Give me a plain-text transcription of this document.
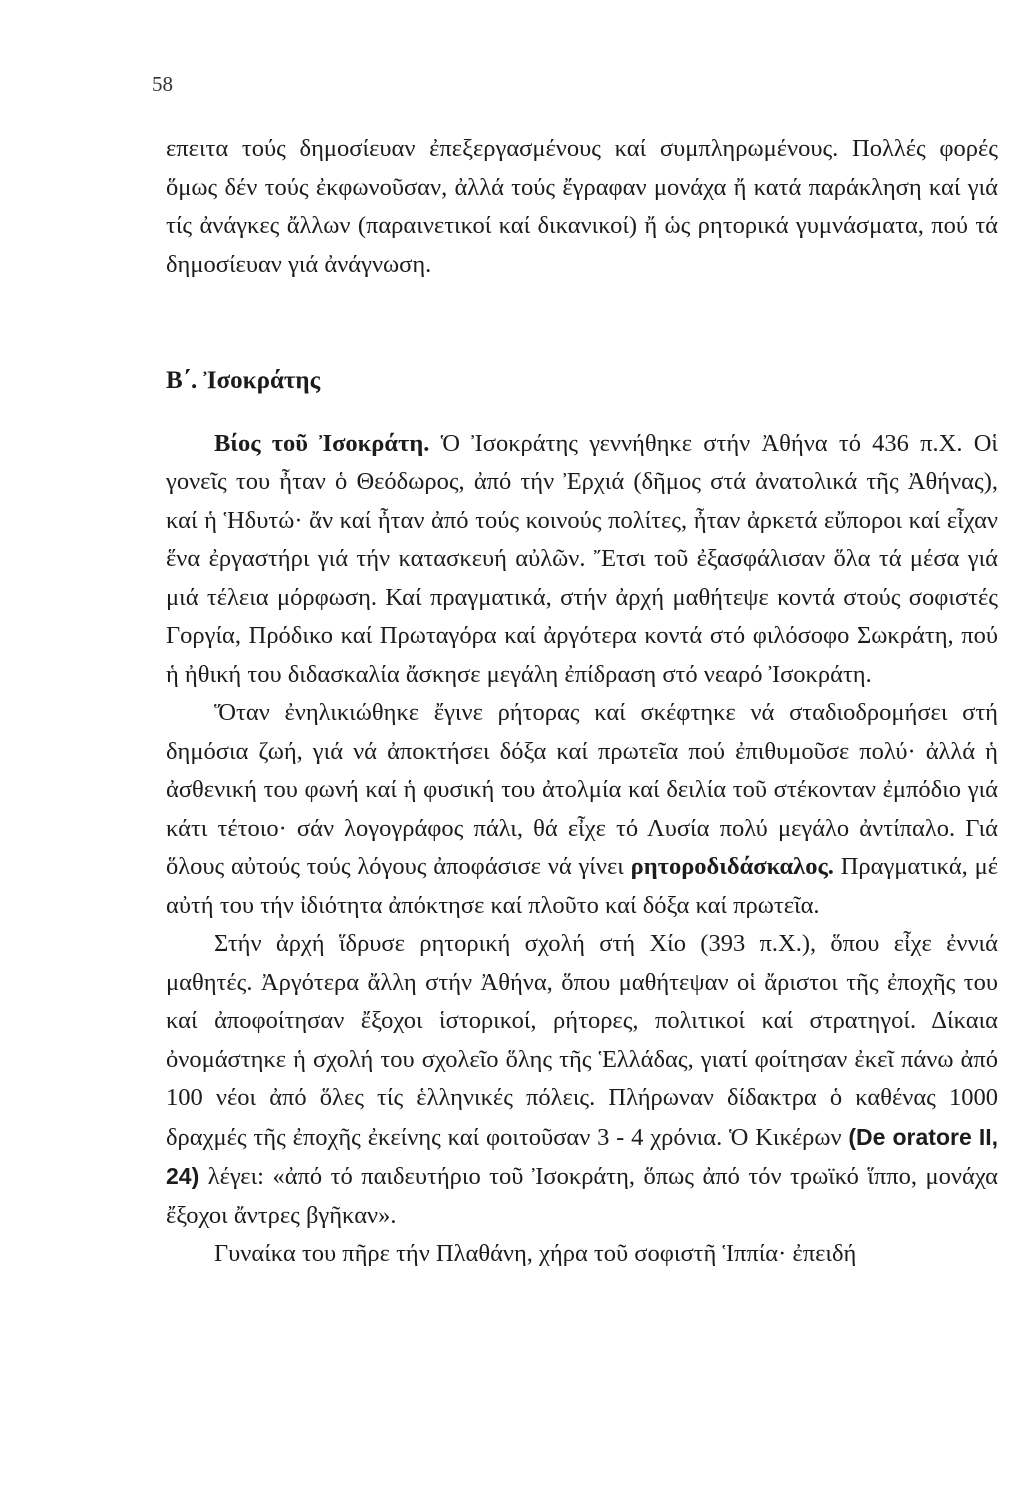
58

επειτα τούς δημοσίευαν ἐπεξεργασμένους καί συμπληρωμένους. Πολλές φορές ὅμως δέν τούς ἐκφωνοῦσαν, ἀλλά τούς ἔγραφαν μονάχα ἤ κατά παράκληση καί γιά τίς ἀνάγκες ἄλλων (παραινετικοί καί δικανικοί) ἤ ὡς ρητορικά γυμνάσματα, πού τά δημοσίευαν γιά ἀνάγνωση.

Β΄. Ἰσοκράτης

Βίος τοῦ Ἰσοκράτη. Ὁ Ἰσοκράτης γεννήθηκε στήν Ἀθήνα τό 436 π.Χ. Οἱ γονεῖς του ἦταν ὁ Θεόδωρος, ἀπό τήν Ἐρχιά (δῆμος στά ἀνατολικά τῆς Ἀθήνας), καί ἡ Ἡδυτώ· ἄν καί ἦταν ἀπό τούς κοινούς πολίτες, ἦταν ἀρκετά εὔποροι καί εἶχαν ἕνα ἐργαστήρι γιά τήν κατασκευή αὐλῶν. Ἔτσι τοῦ ἐξασφάλισαν ὅλα τά μέσα γιά μιά τέλεια μόρφωση. Καί πραγματικά, στήν ἀρχή μαθήτεψε κοντά στούς σοφιστές Γοργία, Πρόδικο καί Πρωταγόρα καί ἀργότερα κοντά στό φιλόσοφο Σωκράτη, πού ἡ ἠθική του διδασκαλία ἄσκησε μεγάλη ἐπίδραση στό νεαρό Ἰσοκράτη.

Ὅταν ἐνηλικιώθηκε ἔγινε ρήτορας καί σκέφτηκε νά σταδιοδρομήσει στή δημόσια ζωή, γιά νά ἀποκτήσει δόξα καί πρωτεῖα πού ἐπιθυμοῦσε πολύ· ἀλλά ἡ ἀσθενική του φωνή καί ἡ φυσική του ἀτολμία καί δειλία τοῦ στέκονταν ἐμπόδιο γιά κάτι τέτοιο· σάν λογογράφος πάλι, θά εἶχε τό Λυσία πολύ μεγάλο ἀντίπαλο. Γιά ὅλους αὐτούς τούς λόγους ἀποφάσισε νά γίνει ρητοροδιδάσκαλος. Πραγματικά, μέ αὐτή του τήν ἰδιότητα ἀπόκτησε καί πλοῦτο καί δόξα καί πρωτεῖα.

Στήν ἀρχή ἵδρυσε ρητορική σχολή στή Χίο (393 π.Χ.), ὅπου εἶχε ἐννιά μαθητές. Ἀργότερα ἄλλη στήν Ἀθήνα, ὅπου μαθήτεψαν οἱ ἄριστοι τῆς ἐποχῆς του καί ἀποφοίτησαν ἔξοχοι ἱστορικοί, ρήτορες, πολιτικοί καί στρατηγοί. Δίκαια ὀνομάστηκε ἡ σχολή του σχολεῖο ὅλης τῆς Ἑλλάδας, γιατί φοίτησαν ἐκεῖ πάνω ἀπό 100 νέοι ἀπό ὅλες τίς ἑλληνικές πόλεις. Πλήρωναν δίδακτρα ὁ καθένας 1000 δραχμές τῆς ἐποχῆς ἐκείνης καί φοιτοῦσαν 3 - 4 χρόνια. Ὁ Κικέρων (De oratore II, 24) λέγει: «ἀπό τό παιδευτήριο τοῦ Ἰσοκράτη, ὅπως ἀπό τόν τρωϊκό ἵππο, μονάχα ἔξοχοι ἄντρες βγῆκαν».

Γυναίκα του πῆρε τήν Πλαθάνη, χήρα τοῦ σοφιστῆ Ἱππία· ἐπειδή
